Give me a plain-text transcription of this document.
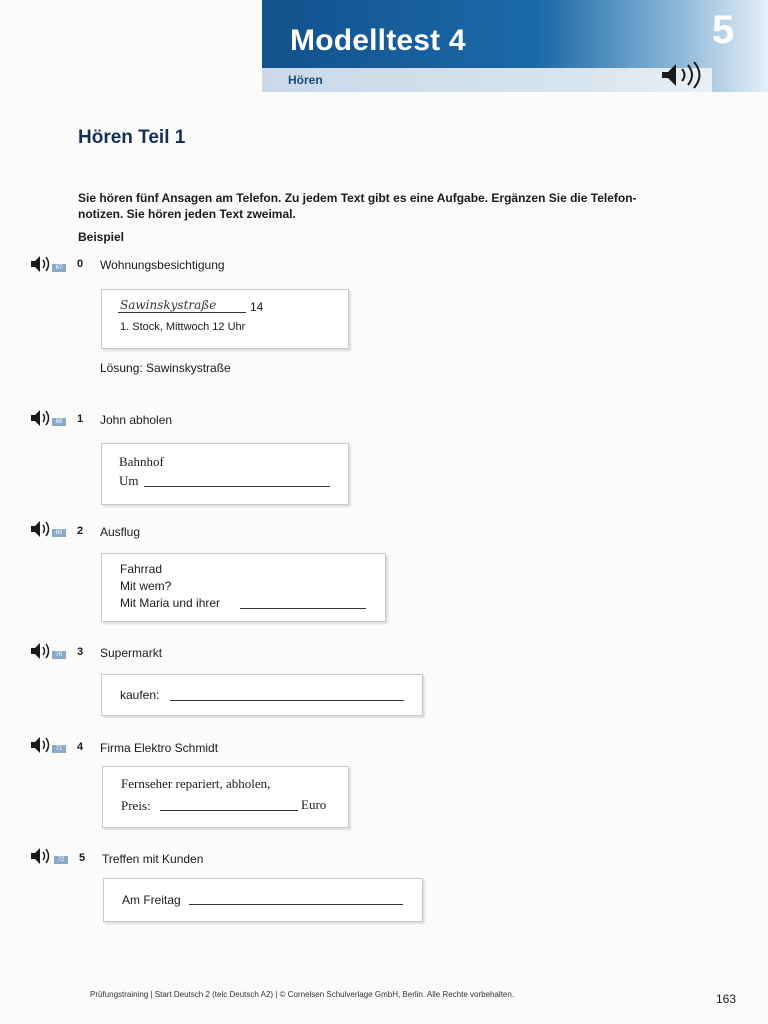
Modelltest 4
Hören
5
Hören Teil 1
Sie hören fünf Ansagen am Telefon. Zu jedem Text gibt es eine Aufgabe. Ergänzen Sie die Telefon- notizen. Sie hören jeden Text zweimal.
Beispiel
67	0 Wohnungsbesichtigung
Sawinskystraße	14
1. Stock, Mittwoch 12 Uhr
Lösung: Sawinskystraße
68	1 John abholen
Bahnhof
Um
69	2 Ausflug
Fahrrad
Mit wem?
Mit Maria und ihrer
70	3 Supermarkt
kaufen:
71	4 Firma Elektro Schmidt
Fernseher repariert, abholen,
Preis:	Euro
72	5 Treffen mit Kunden
Am Freitag
Prüfungstraining | Start Deutsch 2 (telc Deutsch A2) | © Cornelsen Schulverlage GmbH, Berlin. Alle Rechte vorbehalten.	163
